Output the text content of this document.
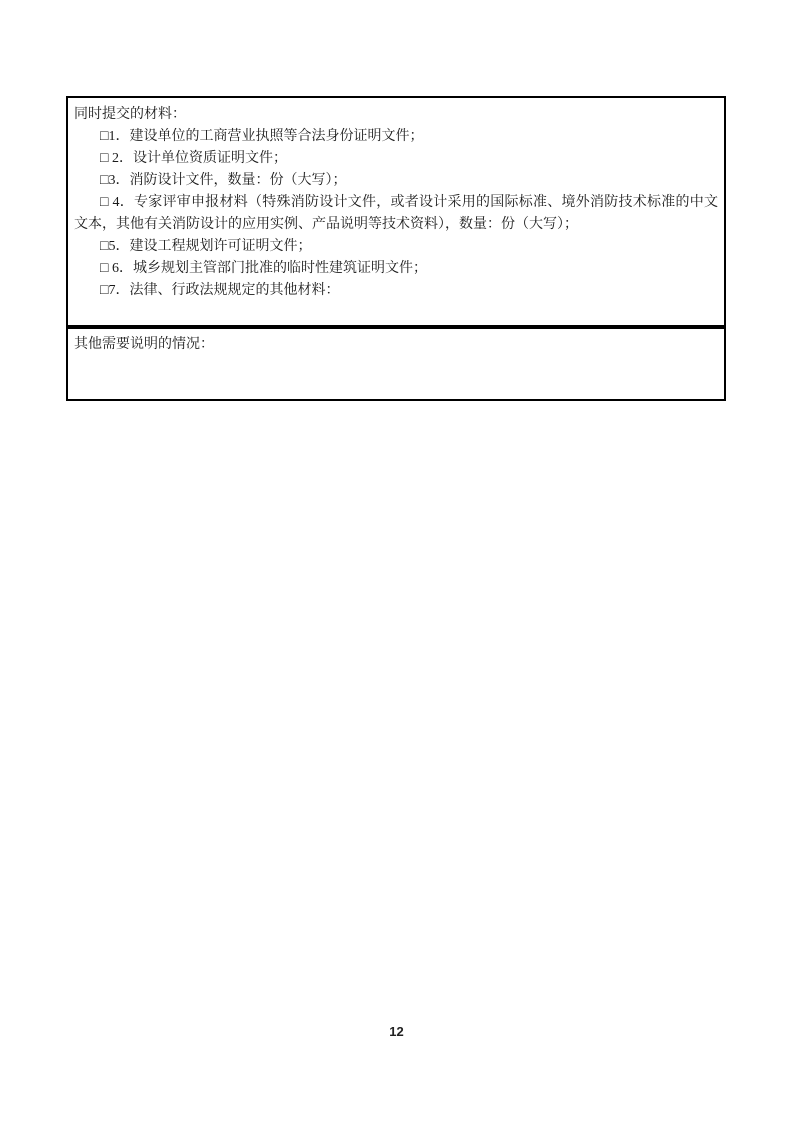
同时提交的材料：
□1．建设单位的工商营业执照等合法身份证明文件；
□ 2．设计单位资质证明文件；
□3．消防设计文件，数量：份（大写）；
□ 4．专家评审申报材料（特殊消防设计文件，或者设计采用的国际标准、境外消防技术标准的中文文本，其他有关消防设计的应用实例、产品说明等技术资料），数量：份（大写）；
□5．建设工程规划许可证明文件；
□ 6．城乡规划主管部门批准的临时性建筑证明文件；
□7．法律、行政法规规定的其他材料：
其他需要说明的情况：
12
